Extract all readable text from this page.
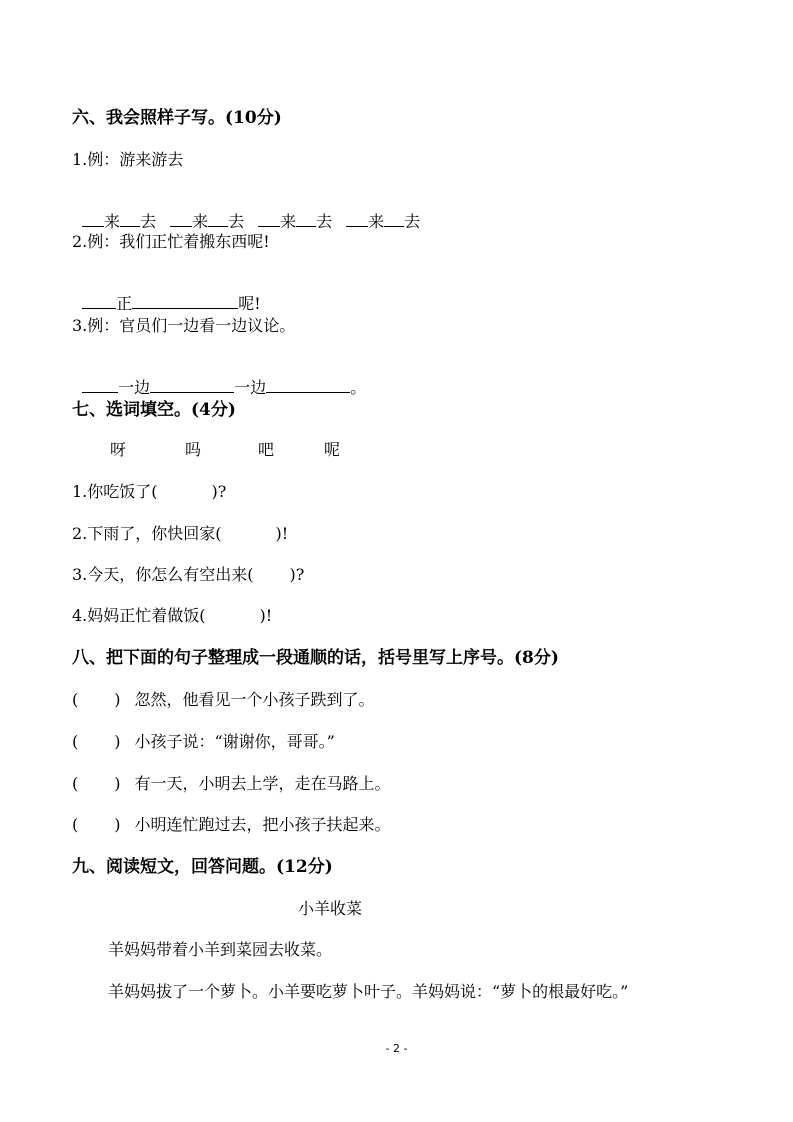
六、我会照样子写。(10分)
1.例：游来游去

来 去 来 去 来 去 来 去

2.例：我们正忙着搬东西呢!

正	呢!

3.例：官员们一边看一边议论。

一边	一边	。

七、选词填空。(4分)
呀	吗	吧	呢
1.你吃饭了(	)?
2.下雨了，你快回家(	)!
3.今天，你怎么有空出来( )?
4.妈妈正忙着做饭(	)!
八、把下面的句子整理成一段通顺的话，括号里写上序号。(8分)
( ) 忽然，他看见一个小孩子跌到了。
( ) 小孩子说：“谢谢你，哥哥。”
( ) 有一天，小明去上学，走在马路上。
( ) 小明连忙跑过去，把小孩子扶起来。
九、阅读短文，回答问题。(12分)
小羊收菜
羊妈妈带着小羊到菜园去收菜。
羊妈妈拔了一个萝卜。小羊要吃萝卜叶子。羊妈妈说：“萝卜的根最好吃。”
- 2 -
